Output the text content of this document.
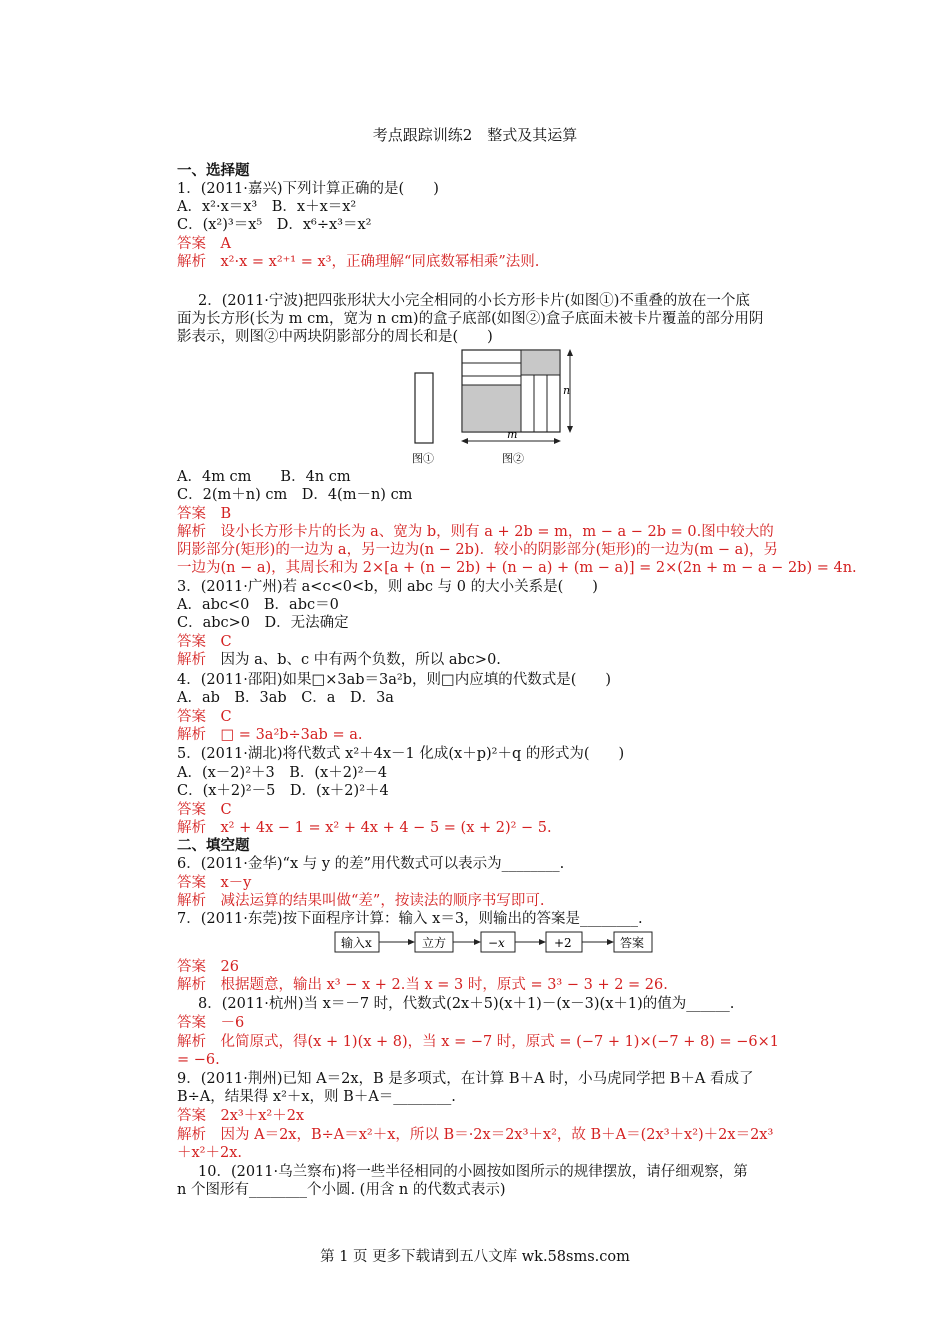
考点跟踪训练2　整式及其运算
一、选择题
1．(2011·嘉兴)下列计算正确的是(　　)
A．x²·x＝x³　B．x＋x＝x²
C．(x²)³＝x⁵　D．x⁶÷x³＝x²
答案　 A
解析　 x²·x = x²⁺¹ = x³，正确理解“同底数幂相乘”法则.
2．(2011·宁波)把四张形状大小完全相同的小长方形卡片(如图①)不重叠的放在一个底
面为长方形(长为 m cm，宽为 n cm)的盒子底部(如图②)盒子底面未被卡片覆盖的部分用阴
影表示，则图②中两块阴影部分的周长和是(　　)
n
m
图①	图②
A．4m cm　　B．4n cm
C．2(m＋n) cm　D．4(m－n) cm
答案　 B
解析　 设小长方形卡片的长为 a、宽为 b，则有 a + 2b = m，m − a − 2b = 0.图中较大的
阴影部分(矩形)的一边为 a，另一边为(n − 2b)．较小的阴影部分(矩形)的一边为(m − a)，另
一边为(n − a)，其周长和为 2×[a + (n − 2b) + (n − a) + (m − a)] = 2×(2n + m − a − 2b) = 4n.
3．(2011·广州)若 a<c<0<b，则 abc 与 0 的大小关系是(　　)
A．abc<0　B．abc＝0
C．abc>0　D．无法确定
答案　 C
解析　 因为 a、b、c 中有两个负数，所以 abc>0.
4．(2011·邵阳)如果□×3ab＝3a²b，则□内应填的代数式是(　　)
A．ab　B．3ab　C．a　D．3a
答案　 C
解析　 □ = 3a²b÷3ab = a.
5．(2011·湖北)将代数式 x²＋4x－1 化成(x＋p)²＋q 的形式为(　　)
A．(x－2)²＋3　B．(x＋2)²－4
C．(x＋2)²－5　D．(x＋2)²＋4
答案　 C
解析　 x² + 4x − 1 = x² + 4x + 4 − 5 = (x + 2)² − 5.
二、填空题
6．(2011·金华)“x 与 y 的差”用代数式可以表示为________.
答案　 x－y
解析　 减法运算的结果叫做“差”，按读法的顺序书写即可.
7．(2011·东莞)按下面程序计算：输入 x＝3，则输出的答案是________.
输入x	立方	−x	+2	答案
答案　 26
解析　 根据题意，输出 x³ − x + 2.当 x = 3 时，原式 = 3³ − 3 + 2 = 26.
8．(2011·杭州)当 x＝－7 时，代数式(2x＋5)(x＋1)－(x－3)(x＋1)的值为______.
答案　 －6
解析　 化简原式，得(x + 1)(x + 8)，当 x = −7 时，原式 = (−7 + 1)×(−7 + 8) = −6×1
= −6.
9．(2011·荆州)已知 A＝2x，B 是多项式，在计算 B＋A 时，小马虎同学把 B＋A 看成了
B÷A，结果得 x²＋x，则 B＋A＝________.
答案　 2x³＋x²＋2x
解析　 因为 A＝2x，B÷A＝x²＋x，所以 B＝·2x＝2x³＋x²，故 B＋A＝(2x³＋x²)＋2x＝2x³
＋x²＋2x.
10．(2011·乌兰察布)将一些半径相同的小圆按如图所示的规律摆放，请仔细观察，第
n 个图形有________个小圆. (用含 n 的代数式表示)
第 1 页 更多下载请到五八文库 wk.58sms.com
